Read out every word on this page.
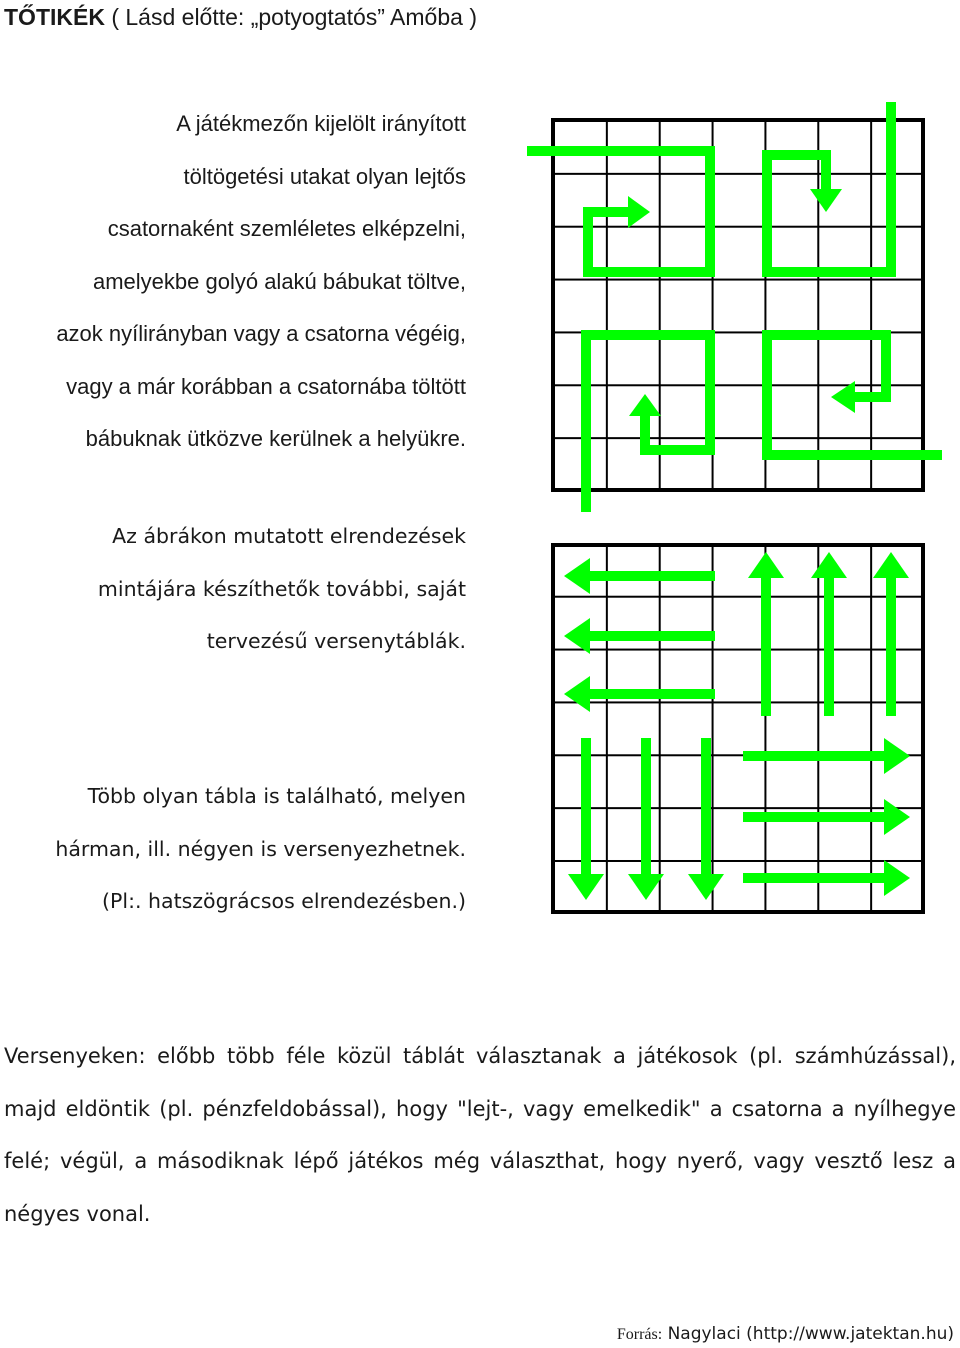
TŐTIKÉK ( Lásd előtte: „potyogtatós” Amőba )
A játékmezőn kijelölt irányított
töltögetési utakat olyan lejtős
csatornaként szemléletes elképzelni,
amelyekbe golyó alakú bábukat töltve,
azok nyílirányban vagy a csatorna végéig,
vagy a már korábban a csatornába töltött
bábuknak ütközve kerülnek a helyükre.
Az ábrákon mutatott elrendezések
mintájára készíthetők további, saját
tervezésű versenytáblák.
Több olyan tábla is található, melyen
hárman, ill. négyen is versenyezhetnek.
(Pl:. hatszögrácsos elrendezésben.)
Versenyeken: előbb több féle közül táblát választanak a játékosok (pl. számhúzással), majd eldöntik (pl. pénzfeldobással), hogy "lejt-, vagy emelkedik" a csatorna a nyílhegye felé; végül, a másodiknak lépő játékos még választhat, hogy nyerő, vagy vesztő lesz a négyes vonal.
Forrás: Nagylaci (http://www.jatektan.hu)
